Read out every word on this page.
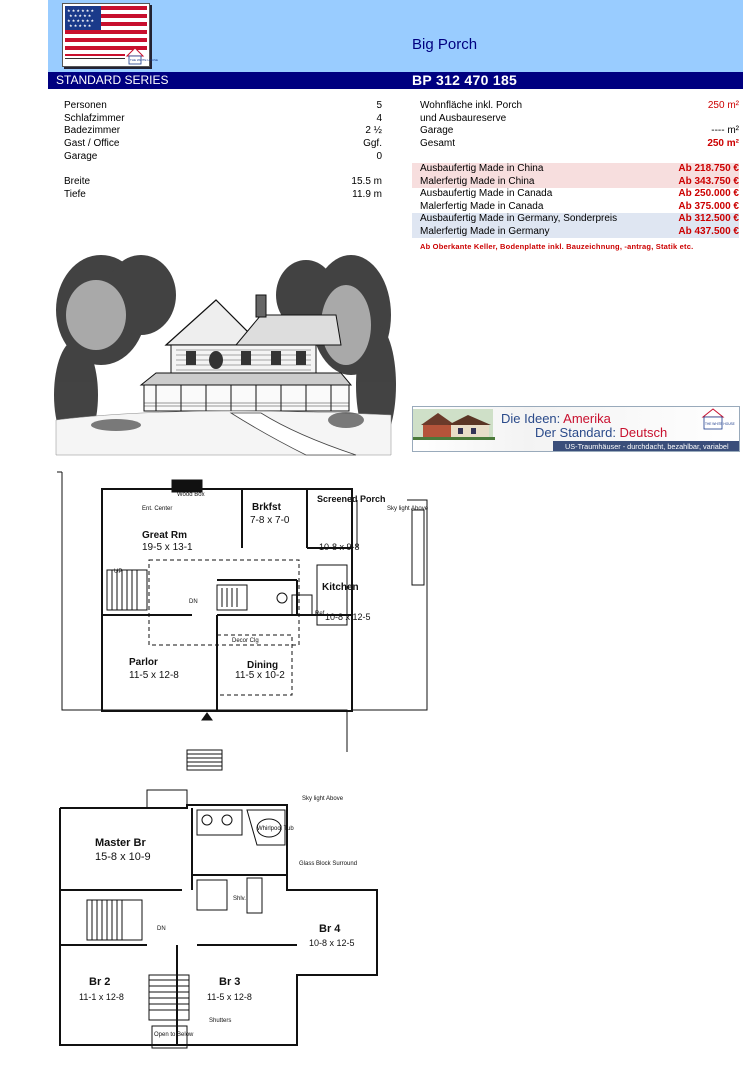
★ ★ ★ ★ ★ ★
★ ★ ★ ★ ★
★ ★ ★ ★ ★ ★
★ ★ ★ ★ ★
THE WHITE HOUSE
Big Porch
STANDARD SERIES	BP 312 470 185
Personen	5
Schlafzimmer	4
Badezimmer	2 ½
Gast / Office	Ggf.
Garage	0
Breite	15.5 m
Tiefe	11.9 m
Wohnfläche inkl. Porch	250 m²
und Ausbaureserve
Garage	---- m²
Gesamt	250 m²
Ausbaufertig Made in China	Ab 218.750 €
Malerfertig Made in China	Ab 343.750 €
Ausbaufertig Made in Canada	Ab 250.000 €
Malerfertig Made in Canada	Ab 375.000 €
Ausbaufertig Made in Germany, Sonderpreis	Ab 312.500 €
Malerfertig Made in Germany	Ab 437.500 €
Ab Oberkante Keller, Bodenplatte inkl. Bauzeichnung, -antrag, Statik etc.
Die Ideen: Amerika
Der Standard: Deutsch
THE WHITE HOUSE
US-Traumhäuser - durchdacht, bezahlbar, variabel
Great Rm
19-5 x 13-1
Brkfst
7-8 x 7-0
Screened Porch
10-8 x 9-8
Kitchen
10-8 x 12-5
Parlor
11-5 x 12-8
Dining
11-5 x 10-2
Wood Box
Ent. Center	Sky light Above
Decor Clg
UP
DN
Ref
Master Br
15-8 x 10-9
Br 4
10-8 x 12-5
Br 2
11-1 x 12-8
Br 3
11-5 x 12-8
Sky light Above
Whirlpool Tub
Glass Block Surround
Shlv.
Open to Below
Shutters
DN
